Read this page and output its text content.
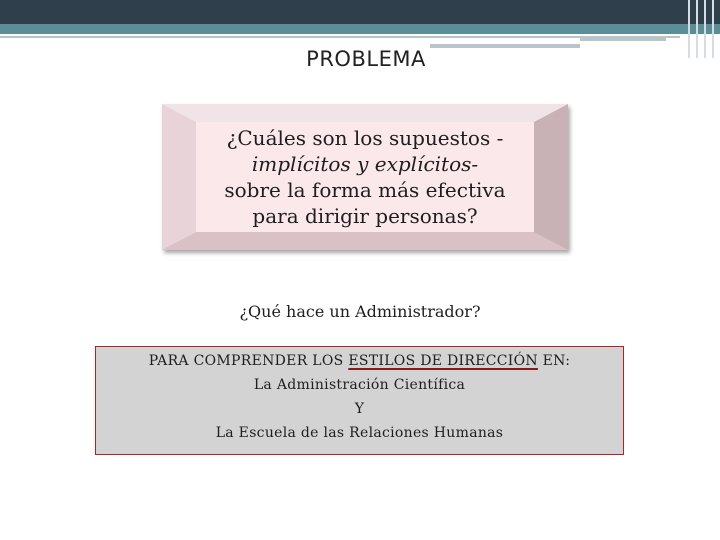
PROBLEMA
¿Cuáles son los supuestos -
implícitos y explícitos-
sobre la forma más efectiva
para dirigir personas?
¿Qué hace un Administrador?
PARA COMPRENDER LOS ESTILOS DE DIRECCIÓN EN:
La Administración Científica
Y
La Escuela de las Relaciones Humanas
